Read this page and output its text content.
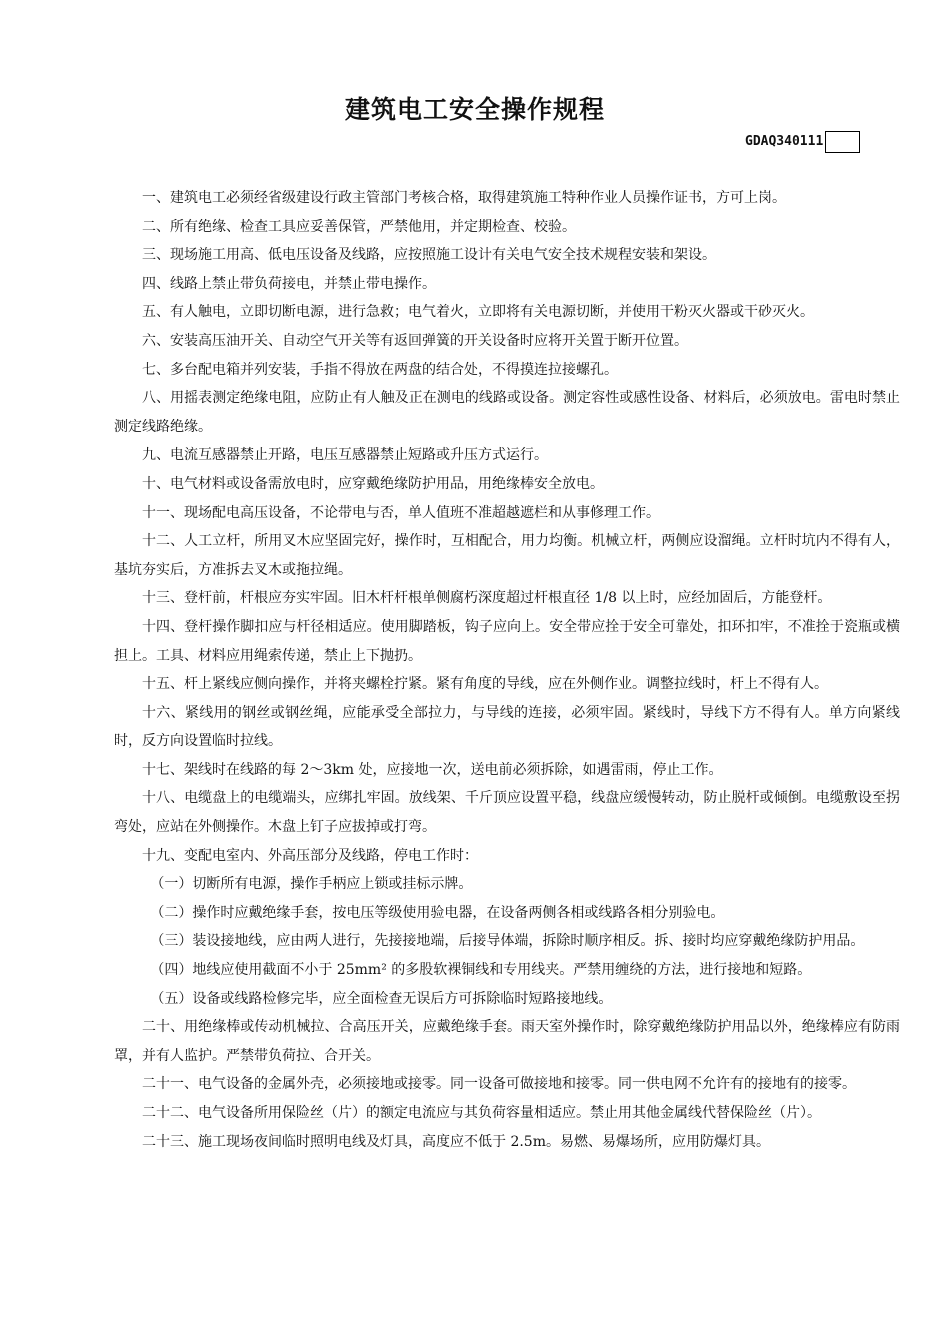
建筑电工安全操作规程
GDAQ340111

一、建筑电工必须经省级建设行政主管部门考核合格，取得建筑施工特种作业人员操作证书，方可上岗。

二、所有绝缘、检查工具应妥善保管，严禁他用，并定期检查、校验。

三、现场施工用高、低电压设备及线路，应按照施工设计有关电气安全技术规程安装和架设。

四、线路上禁止带负荷接电，并禁止带电操作。

五、有人触电，立即切断电源，进行急救；电气着火，立即将有关电源切断，并使用干粉灭火器或干砂灭火。

六、安装高压油开关、自动空气开关等有返回弹簧的开关设备时应将开关置于断开位置。

七、多台配电箱并列安装，手指不得放在两盘的结合处，不得摸连拉接螺孔。

八、用摇表测定绝缘电阻，应防止有人触及正在测电的线路或设备。测定容性或感性设备、材料后，必须放电。雷电时禁止测定线路绝缘。

九、电流互感器禁止开路，电压互感器禁止短路或升压方式运行。

十、电气材料或设备需放电时，应穿戴绝缘防护用品，用绝缘棒安全放电。

十一、现场配电高压设备，不论带电与否，单人值班不准超越遮栏和从事修理工作。

十二、人工立杆，所用叉木应坚固完好，操作时，互相配合，用力均衡。机械立杆，两侧应设溜绳。立杆时坑内不得有人，基坑夯实后，方准拆去叉木或拖拉绳。

十三、登杆前，杆根应夯实牢固。旧木杆杆根单侧腐朽深度超过杆根直径 1/8 以上时，应经加固后，方能登杆。

十四、登杆操作脚扣应与杆径相适应。使用脚踏板，钩子应向上。安全带应拴于安全可靠处，扣环扣牢，不准拴于瓷瓶或横担上。工具、材料应用绳索传递，禁止上下抛扔。

十五、杆上紧线应侧向操作，并将夹螺栓拧紧。紧有角度的导线，应在外侧作业。调整拉线时，杆上不得有人。

十六、紧线用的钢丝或钢丝绳，应能承受全部拉力，与导线的连接，必须牢固。紧线时，导线下方不得有人。单方向紧线时，反方向设置临时拉线。

十七、架线时在线路的每 2～3km 处，应接地一次，送电前必须拆除，如遇雷雨，停止工作。

十八、电缆盘上的电缆端头，应绑扎牢固。放线架、千斤顶应设置平稳，线盘应缓慢转动，防止脱杆或倾倒。电缆敷设至拐弯处，应站在外侧操作。木盘上钉子应拔掉或打弯。

十九、变配电室内、外高压部分及线路，停电工作时：

（一）切断所有电源，操作手柄应上锁或挂标示牌。

（二）操作时应戴绝缘手套，按电压等级使用验电器，在设备两侧各相或线路各相分别验电。

（三）装设接地线，应由两人进行，先接接地端，后接导体端，拆除时顺序相反。拆、接时均应穿戴绝缘防护用品。

（四）地线应使用截面不小于 25mm² 的多股软裸铜线和专用线夹。严禁用缠绕的方法，进行接地和短路。

（五）设备或线路检修完毕，应全面检查无误后方可拆除临时短路接地线。

二十、用绝缘棒或传动机械拉、合高压开关，应戴绝缘手套。雨天室外操作时，除穿戴绝缘防护用品以外，绝缘棒应有防雨罩，并有人监护。严禁带负荷拉、合开关。

二十一、电气设备的金属外壳，必须接地或接零。同一设备可做接地和接零。同一供电网不允许有的接地有的接零。

二十二、电气设备所用保险丝（片）的额定电流应与其负荷容量相适应。禁止用其他金属线代替保险丝（片）。

二十三、施工现场夜间临时照明电线及灯具，高度应不低于 2.5m。易燃、易爆场所，应用防爆灯具。
